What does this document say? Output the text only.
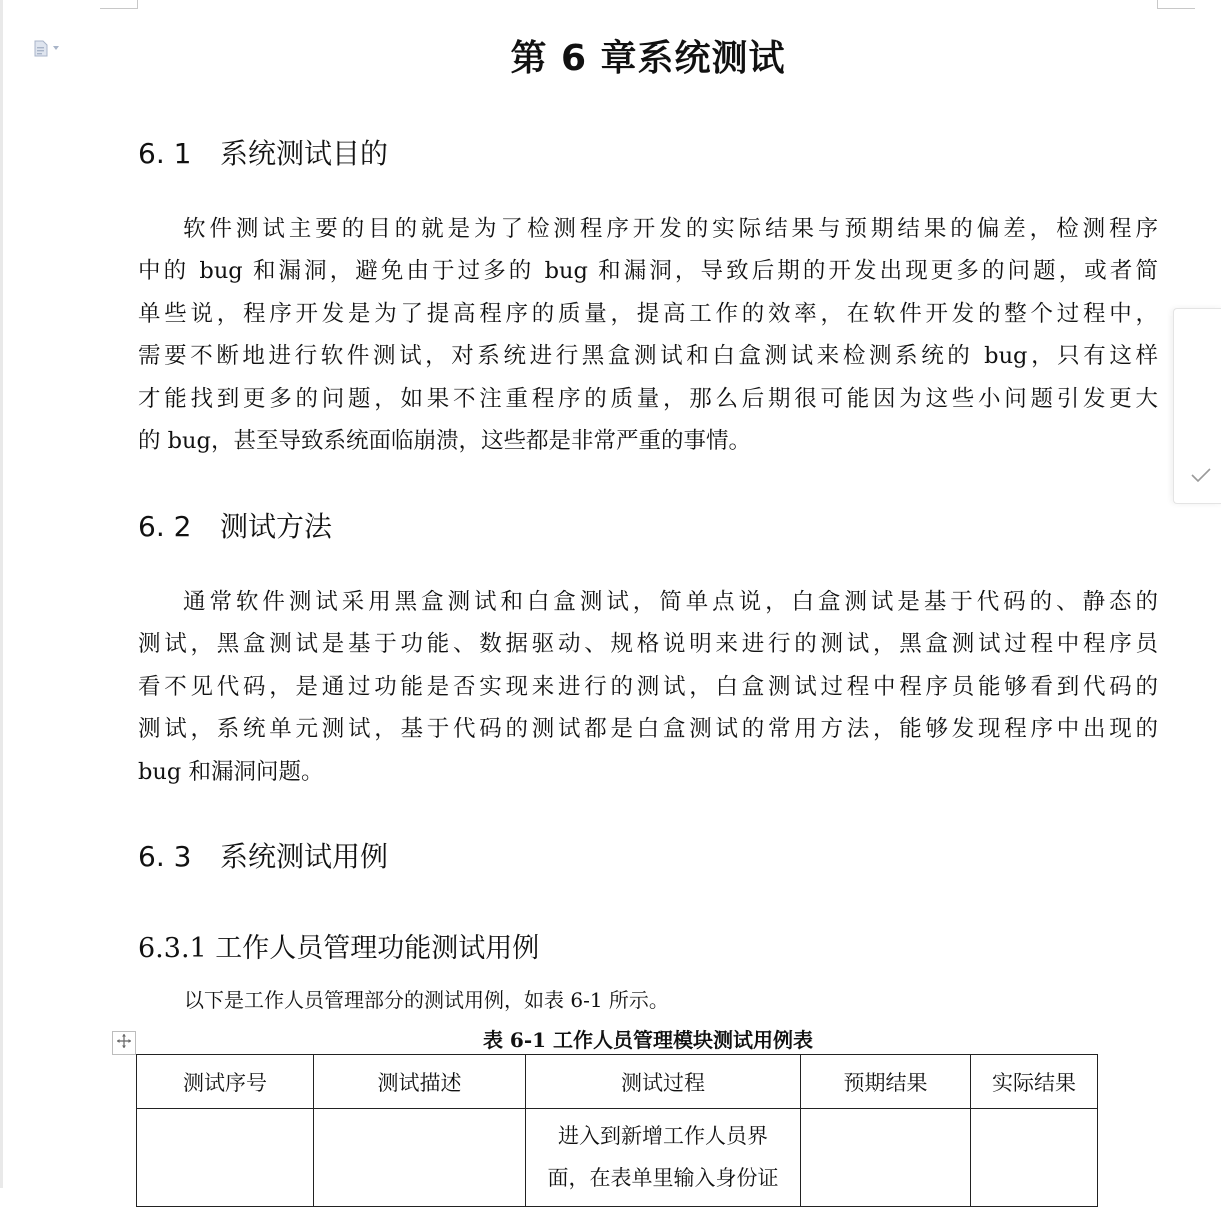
第 6 章系统测试
6. 1 系统测试目的
软件测试主要的目的就是为了检测程序开发的实际结果与预期结果的偏差，检测程序
中的 bug 和漏洞，避免由于过多的 bug 和漏洞，导致后期的开发出现更多的问题，或者简
单些说，程序开发是为了提高程序的质量，提高工作的效率，在软件开发的整个过程中，
需要不断地进行软件测试，对系统进行黑盒测试和白盒测试来检测系统的 bug，只有这样
才能找到更多的问题，如果不注重程序的质量，那么后期很可能因为这些小问题引发更大
的 bug，甚至导致系统面临崩溃，这些都是非常严重的事情。
6. 2 测试方法
通常软件测试采用黑盒测试和白盒测试，简单点说，白盒测试是基于代码的、静态的
测试，黑盒测试是基于功能、数据驱动、规格说明来进行的测试，黑盒测试过程中程序员
看不见代码，是通过功能是否实现来进行的测试，白盒测试过程中程序员能够看到代码的
测试，系统单元测试，基于代码的测试都是白盒测试的常用方法，能够发现程序中出现的
bug 和漏洞问题。
6. 3 系统测试用例
6.3.1 工作人员管理功能测试用例
表 6-1 工作人员管理模块测试用例表
以下是工作人员管理部分的测试用例，如表 6-1 所示。
测试序号	测试描述	测试过程	预期结果	实际结果

		进入到新增工作人员界
面，在表单里输入身份证		
